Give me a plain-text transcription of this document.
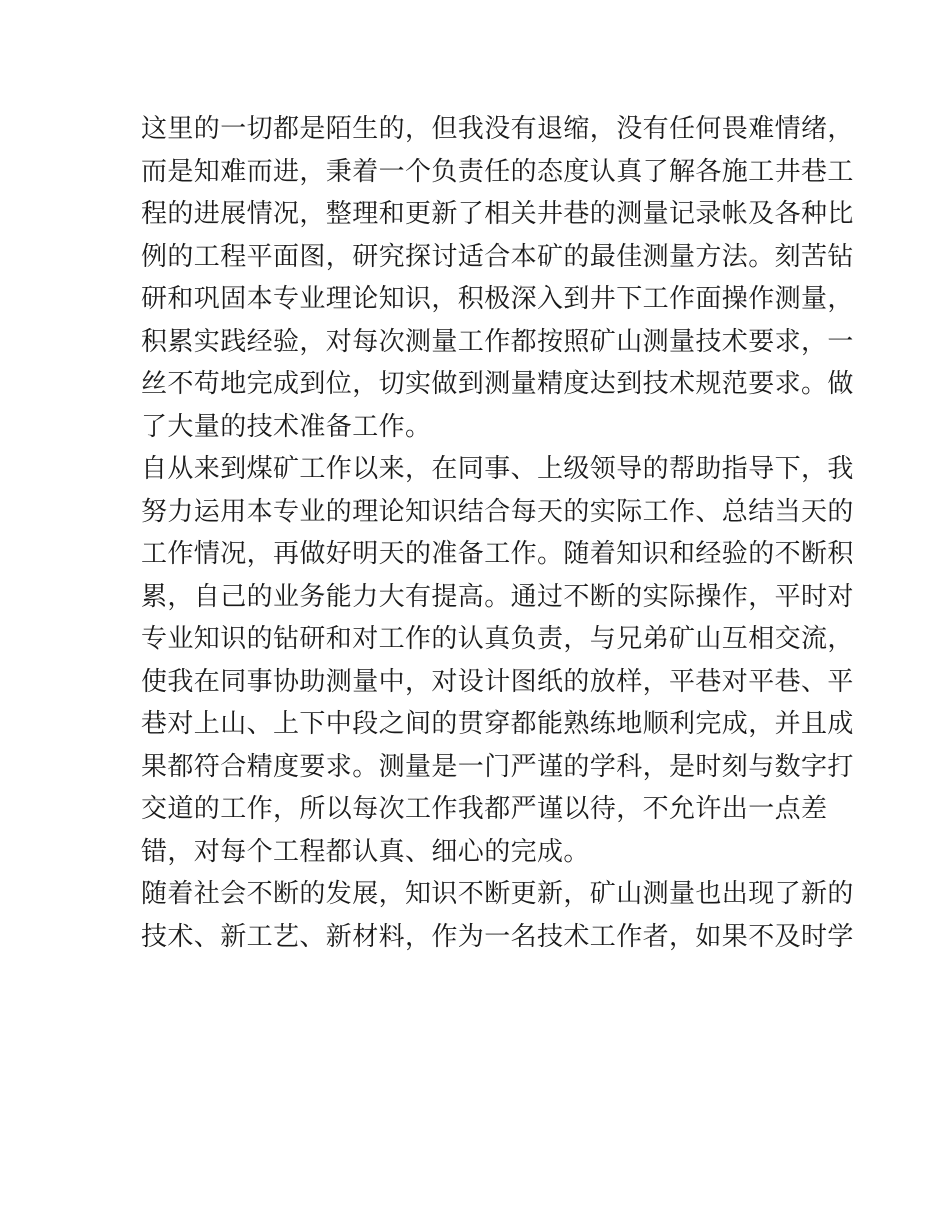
这里的一切都是陌生的，但我没有退缩，没有任何畏难情绪，
而是知难而进，秉着一个负责任的态度认真了解各施工井巷工
程的进展情况，整理和更新了相关井巷的测量记录帐及各种比
例的工程平面图，研究探讨适合本矿的最佳测量方法。刻苦钻
研和巩固本专业理论知识，积极深入到井下工作面操作测量，
积累实践经验，对每次测量工作都按照矿山测量技术要求，一
丝不苟地完成到位，切实做到测量精度达到技术规范要求。做
了大量的技术准备工作。
自从来到煤矿工作以来，在同事、上级领导的帮助指导下，我
努力运用本专业的理论知识结合每天的实际工作、总结当天的
工作情况，再做好明天的准备工作。随着知识和经验的不断积
累，自己的业务能力大有提高。通过不断的实际操作，平时对
专业知识的钻研和对工作的认真负责，与兄弟矿山互相交流，
使我在同事协助测量中，对设计图纸的放样，平巷对平巷、平
巷对上山、上下中段之间的贯穿都能熟练地顺利完成，并且成
果都符合精度要求。测量是一门严谨的学科，是时刻与数字打
交道的工作，所以每次工作我都严谨以待，不允许出一点差
错，对每个工程都认真、细心的完成。
随着社会不断的发展，知识不断更新，矿山测量也出现了新的
技术、新工艺、新材料，作为一名技术工作者，如果不及时学
